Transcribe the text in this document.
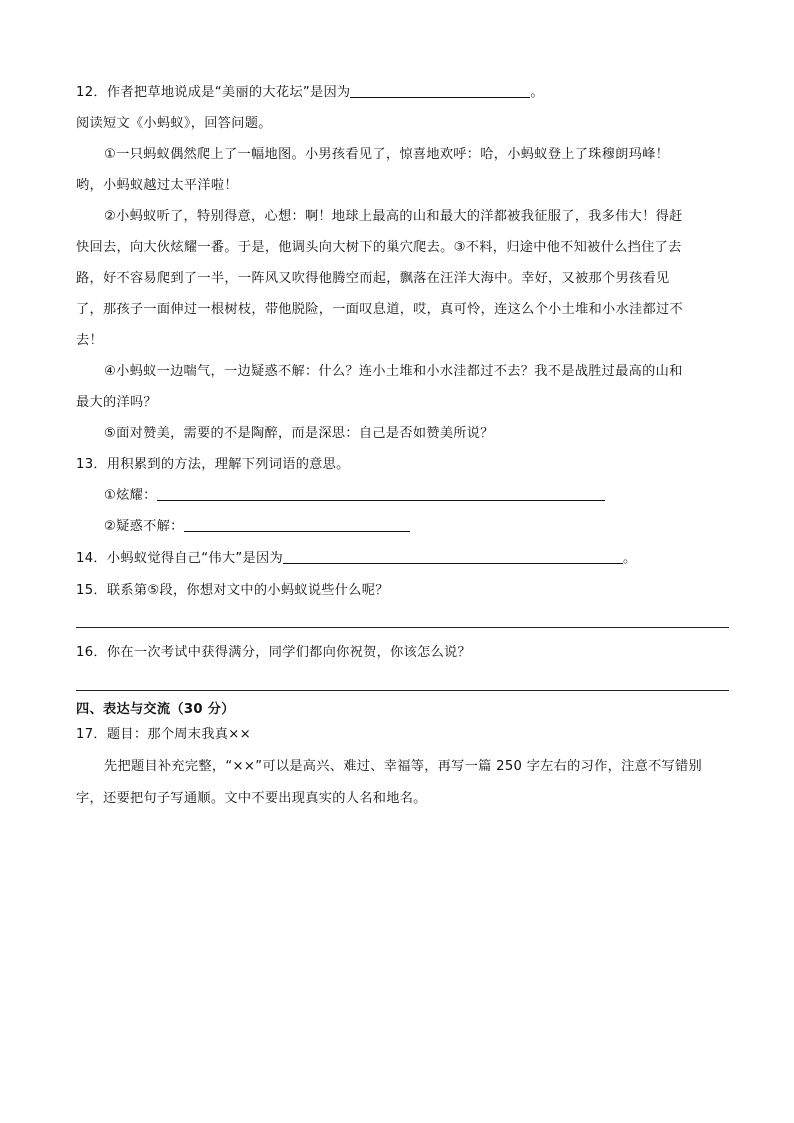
12．作者把草地说成是“美丽的大花坛”是因为	。
阅读短文《小蚂蚁》，回答问题。
①一只蚂蚁偶然爬上了一幅地图。小男孩看见了，惊喜地欢呼：哈，小蚂蚁登上了珠穆朗玛峰！
哟，小蚂蚁越过太平洋啦！
②小蚂蚁听了，特别得意，心想：啊！地球上最高的山和最大的洋都被我征服了，我多伟大！得赶
快回去，向大伙炫耀一番。于是，他调头向大树下的巢穴爬去。③不料，归途中他不知被什么挡住了去
路，好不容易爬到了一半，一阵风又吹得他腾空而起，飘落在汪洋大海中。幸好，又被那个男孩看见
了，那孩子一面伸过一根树枝，带他脱险，一面叹息道，哎，真可怜，连这么个小土堆和小水洼都过不
去！
④小蚂蚁一边喘气，一边疑惑不解：什么？连小土堆和小水洼都过不去？我不是战胜过最高的山和
最大的洋吗？
⑤面对赞美，需要的不是陶醉，而是深思：自己是否如赞美所说？
13．用积累到的方法，理解下列词语的意思。
①炫耀：
②疑惑不解：
14．小蚂蚁觉得自己“伟大”是因为	。
15．联系第⑤段，你想对文中的小蚂蚁说些什么呢？
16．你在一次考试中获得满分，同学们都向你祝贺，你该怎么说？
四、表达与交流（30 分）
17．题目：那个周末我真××
先把题目补充完整，“××”可以是高兴、难过、幸福等，再写一篇 250 字左右的习作，注意不写错别
字，还要把句子写通顺。文中不要出现真实的人名和地名。
